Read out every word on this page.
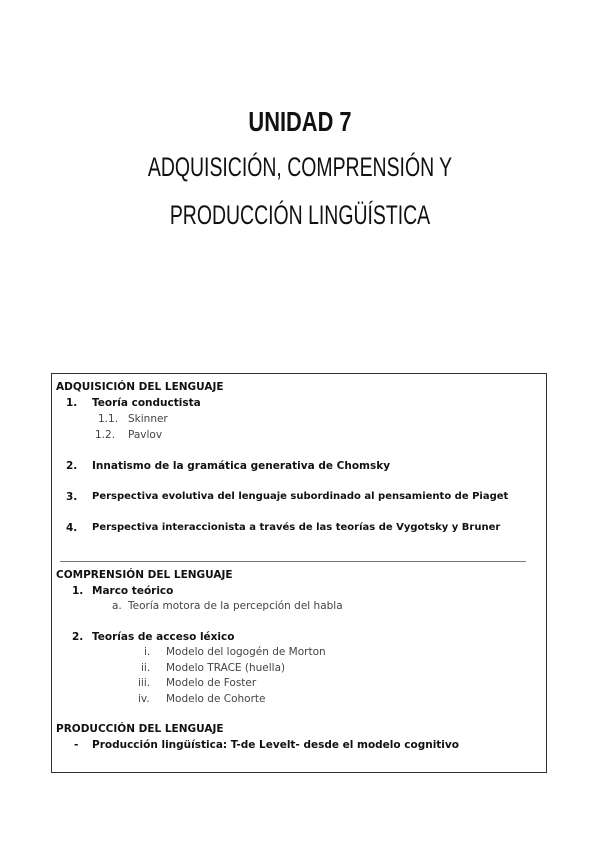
UNIDAD 7
ADQUISICIÓN, COMPRENSIÓN Y
PRODUCCIÓN LINGÜÍSTICA
ADQUISICIÓN DEL LENGUAJE
1. Teoría conductista
1.1. Skinner
1.2. Pavlov
2. Innatismo de la gramática generativa de Chomsky
3. Perspectiva evolutiva del lenguaje subordinado al pensamiento de Piaget
4. Perspectiva interaccionista a través de las teorías de Vygotsky y Bruner
COMPRENSIÓN DEL LENGUAJE
1. Marco teórico
a. Teoría motora de la percepción del habla
2. Teorías de acceso léxico
i. Modelo del logogén de Morton
ii. Modelo TRACE (huella)
iii. Modelo de Foster
iv. Modelo de Cohorte
PRODUCCIÓN DEL LENGUAJE
- Producción lingüística: T-de Levelt- desde el modelo cognitivo
